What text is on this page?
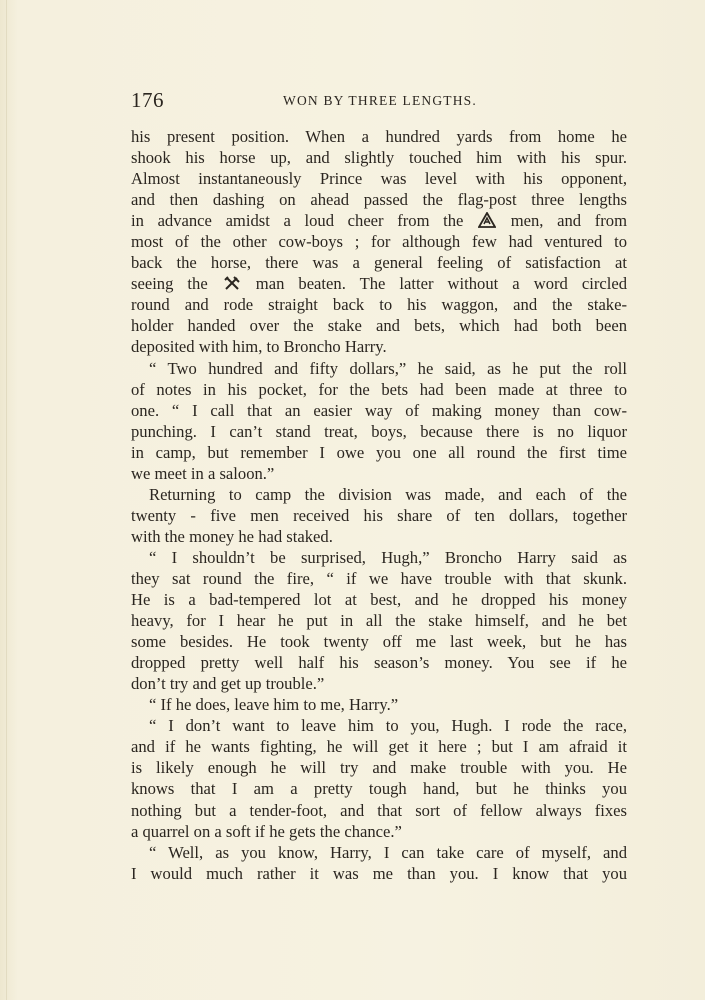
176	WON BY THREE LENGTHS.
his present position. When a hundred yards from home he
shook his horse up, and slightly touched him with his spur.
Almost instantaneously Prince was level with his opponent,
and then dashing on ahead passed the flag-post three lengths
in advance amidst a loud cheer from the  men, and from
most of the other cow-boys ; for although few had ventured to
back the horse, there was a general feeling of satisfaction at
seeing the  man beaten. The latter without a word circled
round and rode straight back to his waggon, and the stake-
holder handed over the stake and bets, which had both been
deposited with him, to Broncho Harry.
“ Two hundred and fifty dollars,” he said, as he put the roll
of notes in his pocket, for the bets had been made at three to
one. “ I call that an easier way of making money than cow-
punching. I can’t stand treat, boys, because there is no liquor
in camp, but remember I owe you one all round the first time
we meet in a saloon.”
Returning to camp the division was made, and each of the
twenty - five men received his share of ten dollars, together
with the money he had staked.
“ I shouldn’t be surprised, Hugh,” Broncho Harry said as
they sat round the fire, “ if we have trouble with that skunk.
He is a bad-tempered lot at best, and he dropped his money
heavy, for I hear he put in all the stake himself, and he bet
some besides. He took twenty off me last week, but he has
dropped pretty well half his season’s money. You see if he
don’t try and get up trouble.”
“ If he does, leave him to me, Harry.”
“ I don’t want to leave him to you, Hugh. I rode the race,
and if he wants fighting, he will get it here ; but I am afraid it
is likely enough he will try and make trouble with you. He
knows that I am a pretty tough hand, but he thinks you
nothing but a tender-foot, and that sort of fellow always fixes
a quarrel on a soft if he gets the chance.”
“ Well, as you know, Harry, I can take care of myself, and
I would much rather it was me than you. I know that you
